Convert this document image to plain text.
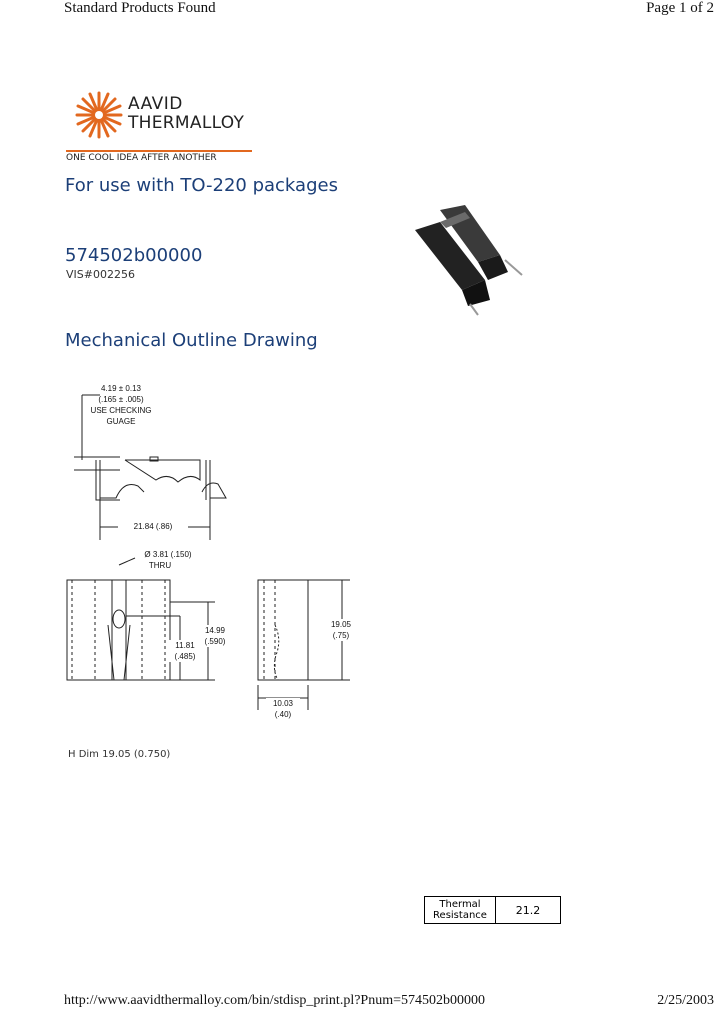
Standard Products Found	Page 1 of 2
AAVID
THERMALLOY
ONE COOL IDEA AFTER ANOTHER
For use with TO-220 packages
574502b00000
VIS#002256
Mechanical Outline Drawing
4.19 ± 0.13
(.165 ± .005)
USE CHECKING
GUAGE
21.84 (.86)
Ø 3.81 (.150)
THRU
14.99
(.590)
11.81
(.485)
19.05
(.75)
10.03
(.40)
H Dim 19.05 (0.750)
Thermal
Resistance	21.2
http://www.aavidthermalloy.com/bin/stdisp_print.pl?Pnum=574502b00000	2/25/2003
